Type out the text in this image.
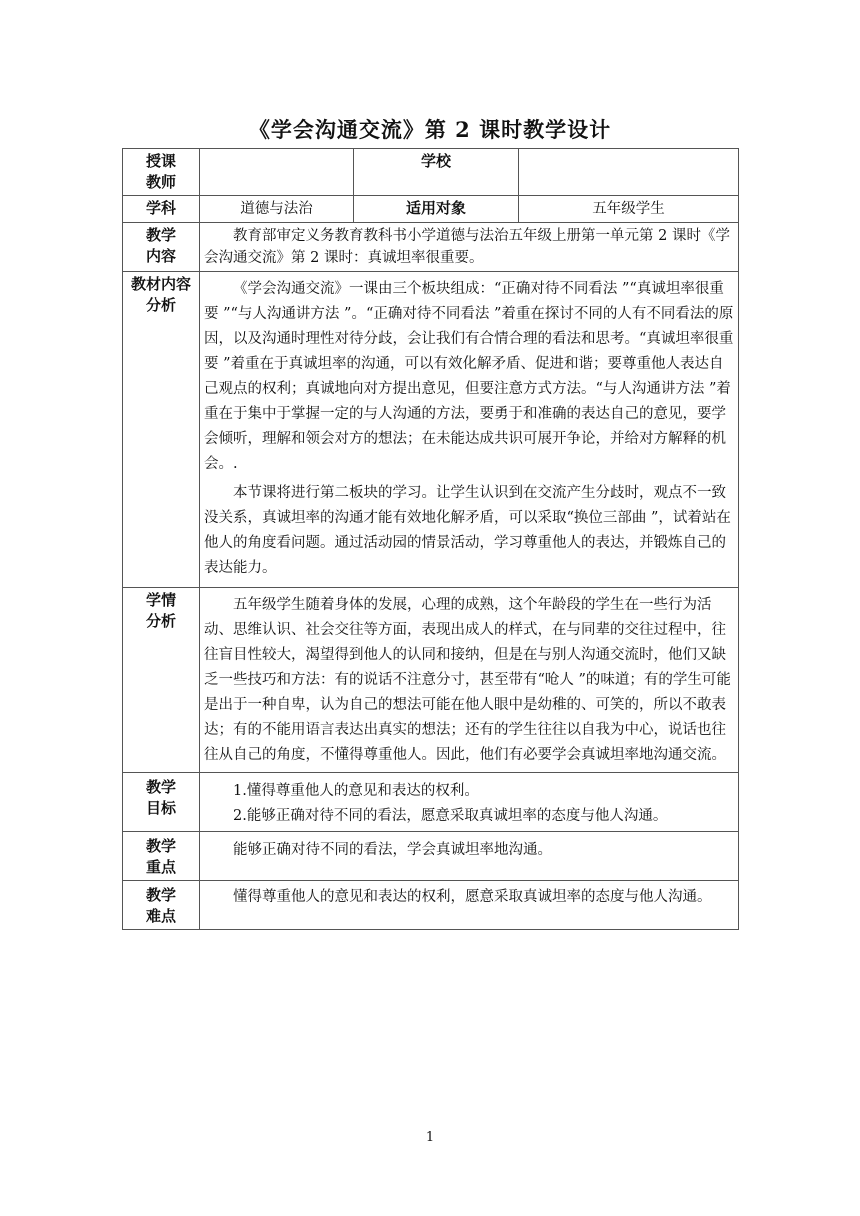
《学会沟通交流》第 2 课时教学设计
授课教师		学校	
学科	道德与法治	适用对象	五年级学生
教学内容	教育部审定义务教育教科书小学道德与法治五年级上册第一单元第 2 课时《学会沟通交流》第 2 课时：真诚坦率很重要。		

教材内容分析	《学会沟通交流》一课由三个板块组成：“正确对待不同看法 ”“真诚坦率很重要 ”“与人沟通讲方法 ”。“正确对待不同看法 ”着重在探讨不同的人有不同看法的原因，以及沟通时理性对待分歧，会让我们有合情合理的看法和思考。“真诚坦率很重要 ”着重在于真诚坦率的沟通，可以有效化解矛盾、促进和谐；要尊重他人表达自己观点的权利；真诚地向对方提出意见，但要注意方式方法。“与人沟通讲方法 ”着重在于集中于掌握一定的与人沟通的方法，要勇于和准确的表达自己的意见，要学会倾听，理解和领会对方的想法；在未能达成共识可展开争论，并给对方解释的机会。.

本节课将进行第二板块的学习。让学生认识到在交流产生分歧时，观点不一致没关系，真诚坦率的沟通才能有效地化解矛盾，可以采取“换位三部曲 ”，试着站在他人的角度看问题。通过活动园的情景活动，学习尊重他人的表达，并锻炼自己的表达能力。		

学情分析	五年级学生随着身体的发展，心理的成熟，这个年龄段的学生在一些行为活动、思维认识、社会交往等方面，表现出成人的样式，在与同辈的交往过程中，往往盲目性较大，渴望得到他人的认同和接纳，但是在与别人沟通交流时，他们又缺乏一些技巧和方法：有的说话不注意分寸，甚至带有“呛人 ”的味道；有的学生可能是出于一种自卑，认为自己的想法可能在他人眼中是幼稚的、可笑的，所以不敢表达；有的不能用语言表达出真实的想法；还有的学生往往以自我为中心，说话也往往从自己的角度，不懂得尊重他人。因此，他们有必要学会真诚坦率地沟通交流。		

教学目标	1.懂得尊重他人的意见和表达的权利。

2.能够正确对待不同的看法，愿意采取真诚坦率的态度与他人沟通。		

教学重点	能够正确对待不同的看法，学会真诚坦率地沟通。		

教学难点	懂得尊重他人的意见和表达的权利，愿意采取真诚坦率的态度与他人沟通。		

1
